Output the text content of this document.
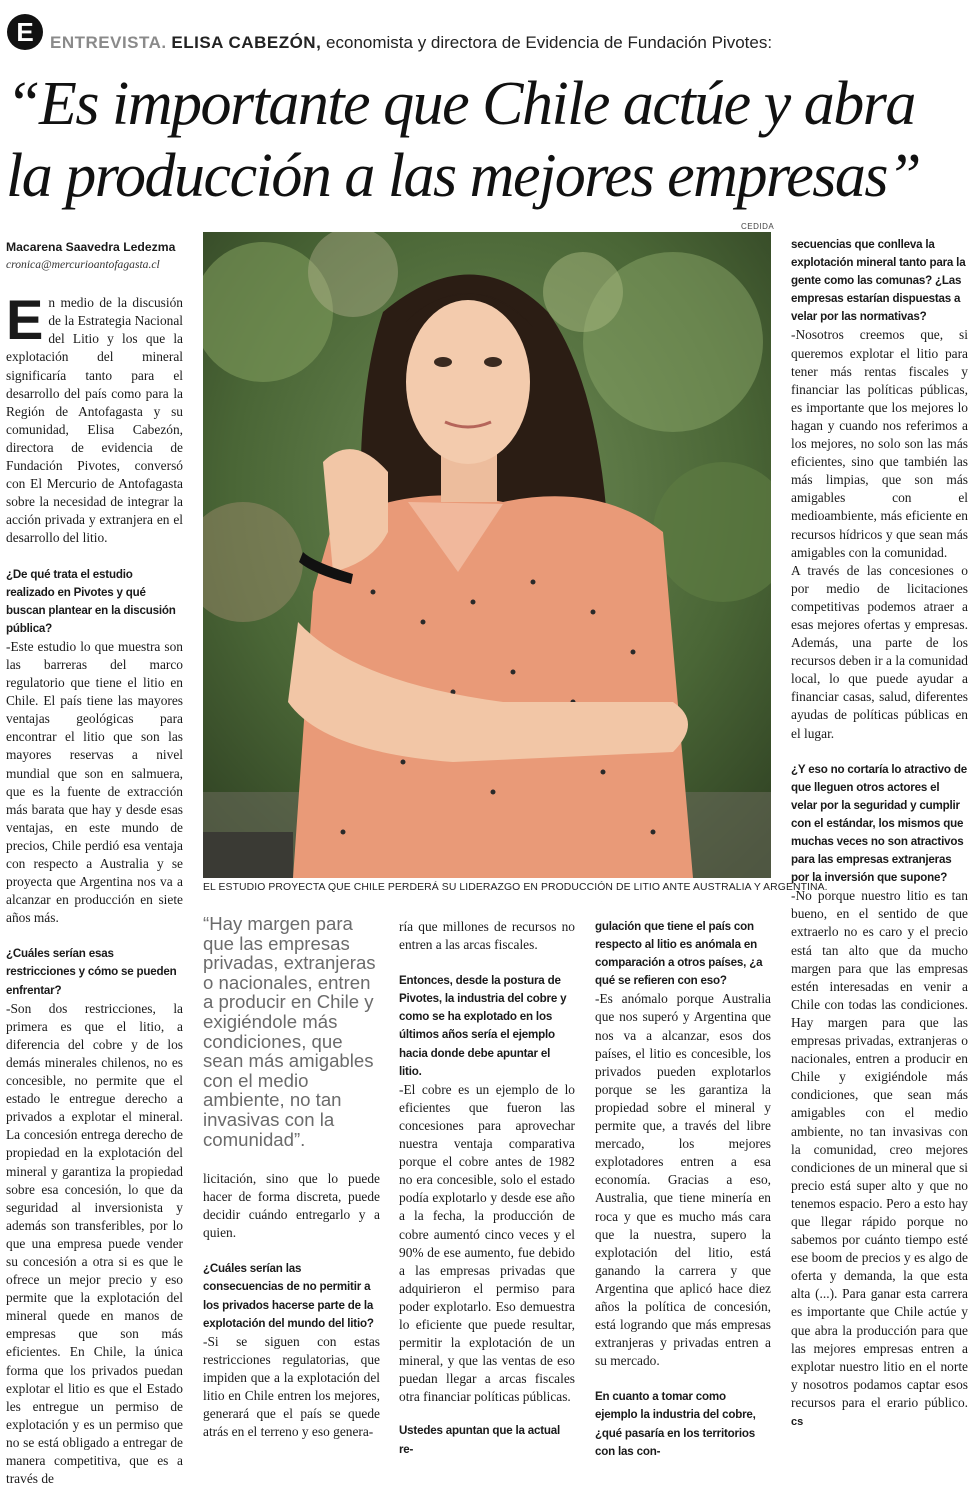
E ENTREVISTA. ELISA CABEZÓN, economista y directora de Evidencia de Fundación Pivotes:
“Es importante que Chile actúe y abra la producción a las mejores empresas”

Macarena Saavedra Ledezma

cronica@mercurioantofagasta.cl

En medio de la discusión de la Estrategia Nacional del Litio y los que la explotación del mineral significaría tanto para el desarrollo del país como para la Región de Antofagasta y su comunidad, Elisa Cabezón, directora de evidencia de Fundación Pivotes, conversó con El Mercurio de Antofagasta sobre la necesidad de integrar la acción privada y extranjera en el desarrollo del litio.

¿De qué trata el estudio realizado en Pivotes y qué buscan plantear en la discusión pública?

-Este estudio lo que muestra son las barreras del marco regulatorio que tiene el litio en Chile. El país tiene las mayores ventajas geológicas para encontrar el litio que son las mayores reservas a nivel mundial que son en salmuera, que es la fuente de extracción más barata que hay y desde esas ventajas, en este mundo de precios, Chile perdió esa ventaja con respecto a Australia y se proyecta que Argentina nos va a alcanzar en producción en siete años más.

¿Cuáles serían esas restricciones y cómo se pueden enfrentar?

-Son dos restricciones, la primera es que el litio, a diferencia del cobre y de los demás minerales chilenos, no es concesible, no permite que el estado le entregue derecho a privados a explotar el mineral. La concesión entrega derecho de propiedad en la explotación del mineral y garantiza la propiedad sobre esa concesión, lo que da seguridad al inversionista y además son transferibles, por lo que una empresa puede vender su concesión a otra si es que le ofrece un mejor precio y eso permite que la explotación del mineral quede en manos de empresas que son más eficientes. En Chile, la única forma que los privados puedan explotar el litio es que el Estado les entregue un permiso de explotación y es un permiso que no se está obligado a entregar de manera competitiva, que es a través de

CEDIDA
EL ESTUDIO PROYECTA QUE CHILE PERDERÁ SU LIDERAZGO EN PRODUCCIÓN DE LITIO ANTE AUSTRALIA Y ARGENTINA.

“Hay margen para que las empresas privadas, extranjeras o nacionales, entren a producir en Chile y exigiéndole más condiciones, que sean más amigables con el medio ambiente, no tan invasivas con la comunidad”.

licitación, sino que lo puede hacer de forma discreta, puede decidir cuándo entregarlo y a quien.

¿Cuáles serían las consecuencias de no permitir a los privados hacerse parte de la explotación del mundo del litio?

-Si se siguen con estas restricciones regulatorias, que impiden que a la explotación del litio en Chile entren los mejores, generará que el país se quede atrás en el terreno y eso genera-

ría que millones de recursos no entren a las arcas fiscales.

Entonces, desde la postura de Pivotes, la industria del cobre y como se ha explotado en los últimos años sería el ejemplo hacia donde debe apuntar el litio.

-El cobre es un ejemplo de lo eficientes que fueron las concesiones para aprovechar nuestra ventaja comparativa porque el cobre antes de 1982 no era concesible, solo el estado podía explotarlo y desde ese año a la fecha, la producción de cobre aumentó cinco veces y el 90% de ese aumento, fue debido a las empresas privadas que adquirieron el permiso para poder explotarlo. Eso demuestra lo eficiente que puede resultar, permitir la explotación de un mineral, y que las ventas de eso puedan llegar a arcas fiscales otra financiar políticas públicas.

Ustedes apuntan que la actual re-

gulación que tiene el país con respecto al litio es anómala en comparación a otros países, ¿a qué se refieren con eso?

-Es anómalo porque Australia que nos superó y Argentina que nos va a alcanzar, esos dos países, el litio es concesible, los privados pueden explotarlos porque se les garantiza la propiedad sobre el mineral y permite que, a través del libre mercado, los mejores explotadores entren a esa economía. Gracias a eso, Australia, que tiene minería en roca y que es mucho más cara que la nuestra, supero la explotación del litio, está ganando la carrera y que Argentina que aplicó hace diez años la política de concesión, está logrando que más empresas extranjeras y privadas entren a su mercado.

En cuanto a tomar como ejemplo la industria del cobre, ¿qué pasaría en los territorios con las con-

secuencias que conlleva la explotación mineral tanto para la gente como las comunas? ¿Las empresas estarían dispuestas a velar por las normativas?

-Nosotros creemos que, si queremos explotar el litio para tener más rentas fiscales y financiar las políticas públicas, es importante que los mejores lo hagan y cuando nos referimos a los mejores, no solo son las más eficientes, sino que también las más limpias, que son más amigables con el medioambiente, más eficiente en recursos hídricos y que sean más amigables con la comunidad.

A través de las concesiones o por medio de licitaciones competitivas podemos atraer a esas mejores ofertas y empresas. Además, una parte de los recursos deben ir a la comunidad local, lo que puede ayudar a financiar casas, salud, diferentes ayudas de políticas públicas en el lugar.

¿Y eso no cortaría lo atractivo de que lleguen otros actores el velar por la seguridad y cumplir con el estándar, los mismos que muchas veces no son atractivos para las empresas extranjeras por la inversión que supone?

-No porque nuestro litio es tan bueno, en el sentido de que extraerlo no es caro y el precio está tan alto que da mucho margen para que las empresas estén interesadas en venir a Chile con todas las condiciones. Hay margen para que las empresas privadas, extranjeras o nacionales, entren a producir en Chile y exigiéndole más condiciones, que sean más amigables con el medio ambiente, no tan invasivas con la comunidad, creo mejores condiciones de un mineral que si precio está super alto y que no tenemos espacio. Pero a esto hay que llegar rápido porque no sabemos por cuánto tiempo esté ese boom de precios y es algo de oferta y demanda, la que esta alta (...). Para ganar esta carrera es importante que Chile actúe y que abra la producción para que las mejores empresas entren a explotar nuestro litio en el norte y nosotros podamos captar esos recursos para el erario público. cs
